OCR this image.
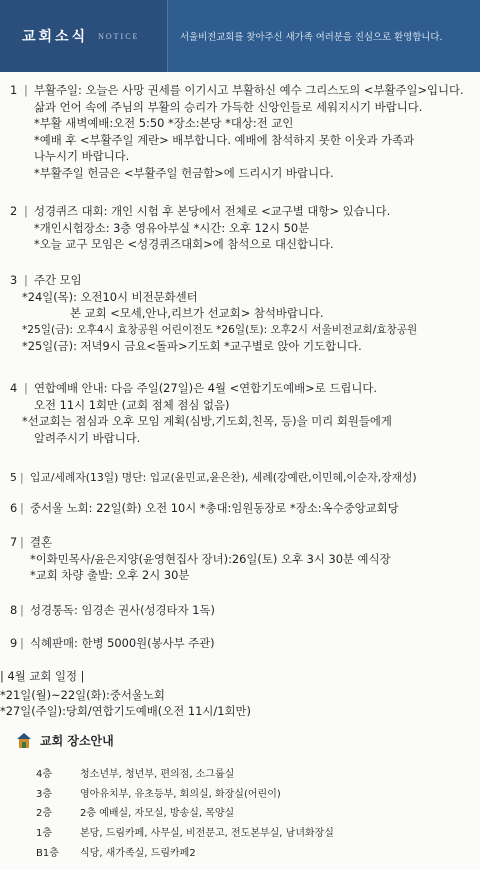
교회소식 NOTICE	서울비전교회를 찾아주신 새가족 여러분을 진심으로 환영합니다.
1 | 부활주일: 오늘은 사망 권세를 이기시고 부활하신 예수 그리스도의 <부활주일>입니다.
삶과 언어 속에 주님의 부활의 승리가 가득한 신앙인들로 세워지시기 바랍니다.
*부활 새벽예배:오전 5:50 *장소:본당 *대상:전 교인
*예배 후 <부활주일 계란> 배부합니다. 예배에 참석하지 못한 이웃과 가족과
나누시기 바랍니다.
*부활주일 헌금은 <부활주일 헌금함>에 드리시기 바랍니다.
2 | 성경퀴즈 대회: 개인 시험 후 본당에서 전체로 <교구별 대항> 있습니다.
*개인시험장소: 3층 영유아부실 *시간: 오후 12시 50분
*오늘 교구 모임은 <성경퀴즈대회>에 참석으로 대신합니다.
3 | 주간 모임
*24일(목): 오전10시 비전문화센터
본 교회 <모세,안나,리브가 선교회> 참석바랍니다.
*25일(금): 오후4시 효창공원 어린이전도 *26일(토): 오후2시 서울비전교회/효창공원
*25일(금): 저녁9시 금요<돌파>기도회 *교구별로 앉아 기도합니다.
4 | 연합예배 안내: 다음 주일(27일)은 4월 <연합기도예배>로 드립니다.
오전 11시 1회만 (교회 점체 점심 없음)
*선교회는 점심과 오후 모임 계획(심방,기도회,친목, 등)을 미리 회원들에게
알려주시기 바랍니다.
5 | 입교/세례자(13일) 명단: 입교(윤민교,윤은찬), 세례(강예란,이민혜,이순자,장재성)
6 | 중서울 노회: 22일(화) 오전 10시 *총대:임원동장로 *장소:옥수중앙교회당
7 | 결혼
*이화민목사/윤은지양(윤영현집사 장녀):26일(토) 오후 3시 30분 예식장
*교회 차량 출발: 오후 2시 30분
8 | 성경통독: 임경손 권사(성경타자 1독)
9 | 식혜판매: 한병 5000원(봉사부 주관)
| 4월 교회 일정 |
*21일(월)~22일(화):중서울노회
*27일(주일):당회/연합기도예배(오전 11시/1회만)
교회 장소안내
4층	청소년부, 청년부, 편의점, 소그룹실
3층	영아유치부, 유초등부, 회의실, 화장실(어린이)
2층	2층 예배실, 자모실, 방송실, 목양실
1층	본당, 드림카페, 사무실, 비전문고, 전도본부실, 남녀화장실
B1층	식당, 새가족실, 드림카페2
